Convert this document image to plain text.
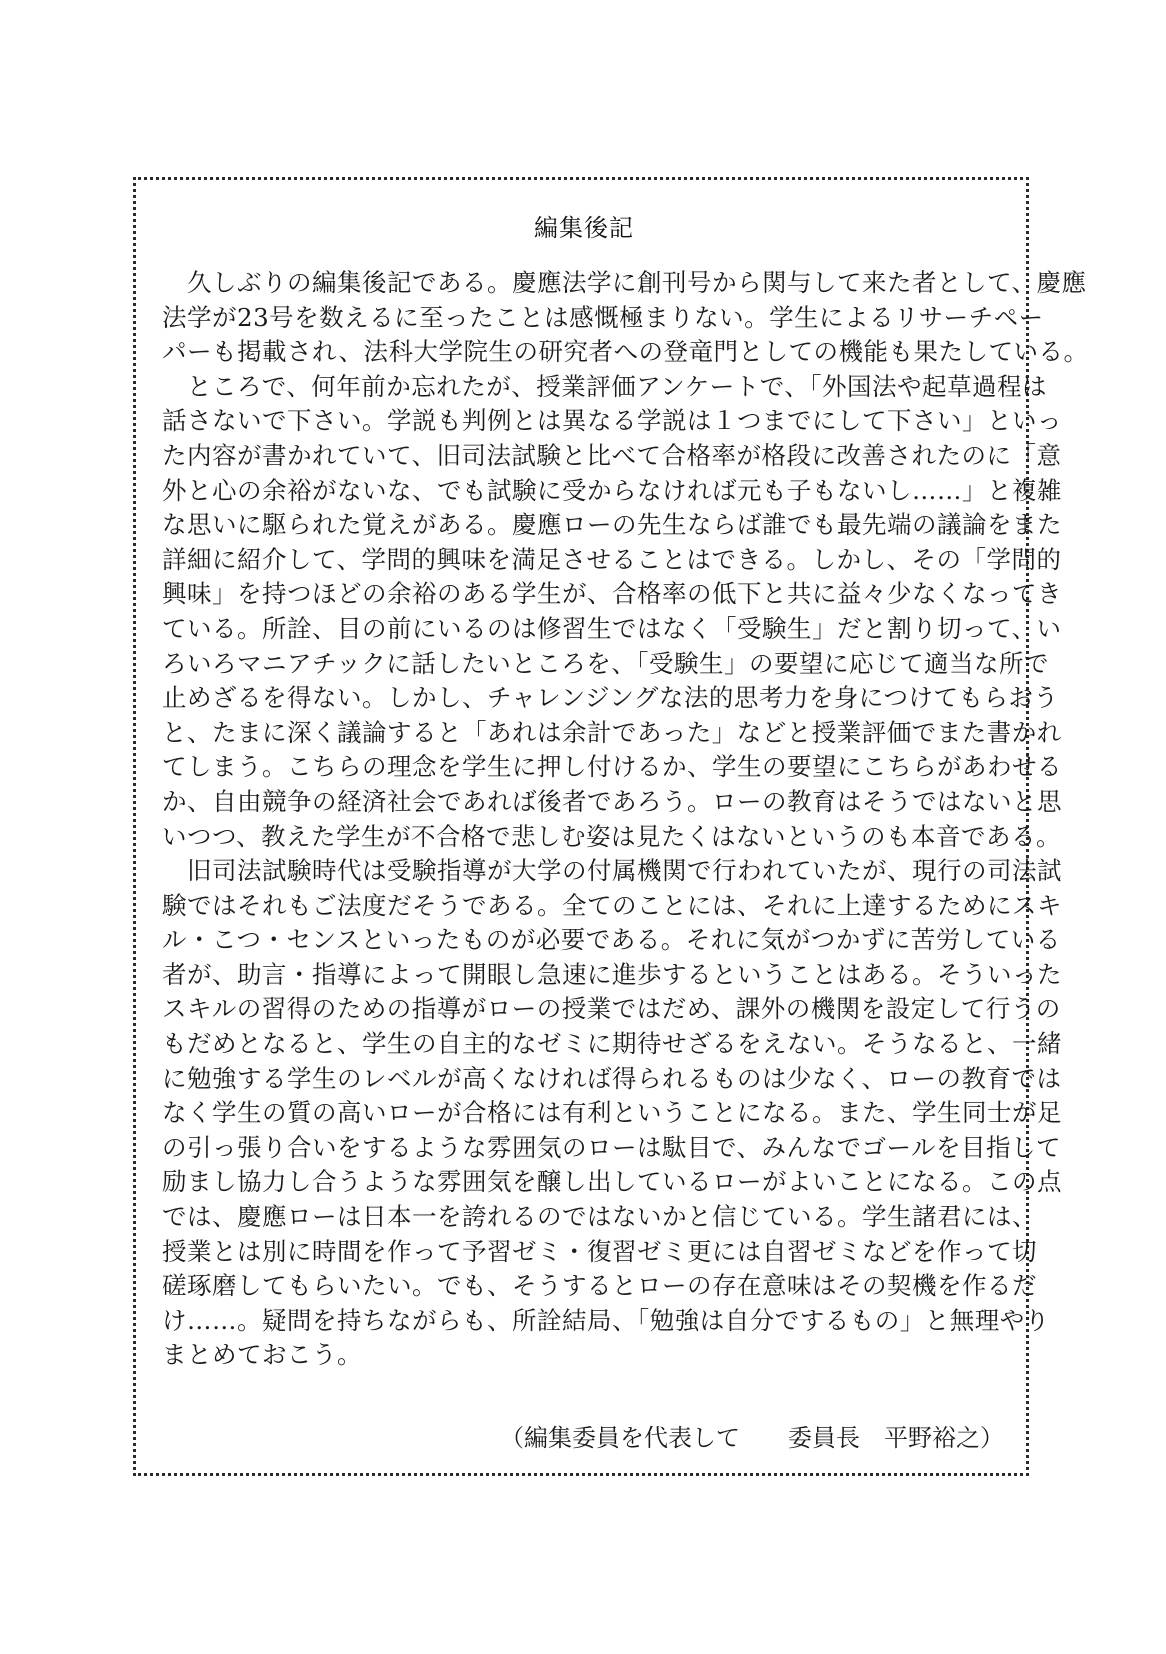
編集後記
　久しぶりの編集後記である。慶應法学に創刊号から関与して来た者として、慶應
法学が23号を数えるに至ったことは感慨極まりない。学生によるリサーチペー
パーも掲載され、法科大学院生の研究者への登竜門としての機能も果たしている。
　ところで、何年前か忘れたが、授業評価アンケートで、「外国法や起草過程は
話さないで下さい。学説も判例とは異なる学説は１つまでにして下さい」といっ
た内容が書かれていて、旧司法試験と比べて合格率が格段に改善されたのに「意
外と心の余裕がないな、でも試験に受からなければ元も子もないし……」と複雑
な思いに駆られた覚えがある。慶應ローの先生ならば誰でも最先端の議論をまた
詳細に紹介して、学問的興味を満足させることはできる。しかし、その「学問的
興味」を持つほどの余裕のある学生が、合格率の低下と共に益々少なくなってき
ている。所詮、目の前にいるのは修習生ではなく「受験生」だと割り切って、い
ろいろマニアチックに話したいところを、「受験生」の要望に応じて適当な所で
止めざるを得ない。しかし、チャレンジングな法的思考力を身につけてもらおう
と、たまに深く議論すると「あれは余計であった」などと授業評価でまた書かれ
てしまう。こちらの理念を学生に押し付けるか、学生の要望にこちらがあわせる
か、自由競争の経済社会であれば後者であろう。ローの教育はそうではないと思
いつつ、教えた学生が不合格で悲しむ姿は見たくはないというのも本音である。
　旧司法試験時代は受験指導が大学の付属機関で行われていたが、現行の司法試
験ではそれもご法度だそうである。全てのことには、それに上達するためにスキ
ル・こつ・センスといったものが必要である。それに気がつかずに苦労している
者が、助言・指導によって開眼し急速に進歩するということはある。そういった
スキルの習得のための指導がローの授業ではだめ、課外の機関を設定して行うの
もだめとなると、学生の自主的なゼミに期待せざるをえない。そうなると、一緒
に勉強する学生のレベルが高くなければ得られるものは少なく、ローの教育では
なく学生の質の高いローが合格には有利ということになる。また、学生同士が足
の引っ張り合いをするような雰囲気のローは駄目で、みんなでゴールを目指して
励まし協力し合うような雰囲気を醸し出しているローがよいことになる。この点
では、慶應ローは日本一を誇れるのではないかと信じている。学生諸君には、
授業とは別に時間を作って予習ゼミ・復習ゼミ更には自習ゼミなどを作って切
磋琢磨してもらいたい。でも、そうするとローの存在意味はその契機を作るだ
け……。疑問を持ちながらも、所詮結局、「勉強は自分でするもの」と無理やり
まとめておこう。
（編集委員を代表して　　委員長　平野裕之）
